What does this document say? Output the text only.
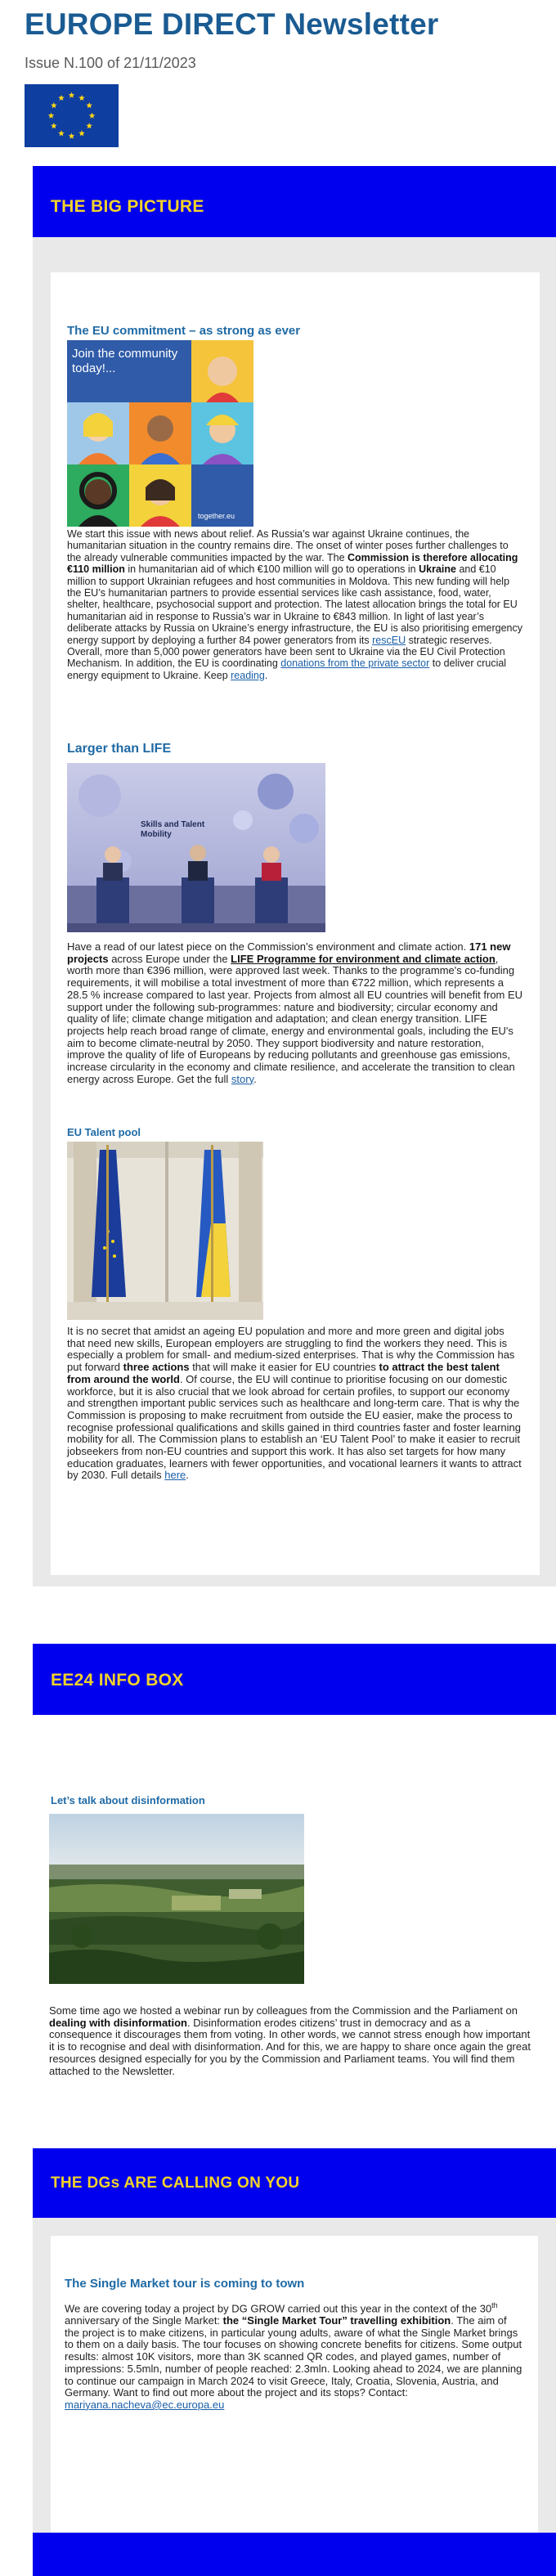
EUROPE DIRECT Newsletter
Issue N.100 of 21/11/2023
THE BIG PICTURE
The EU commitment – as strong as ever
Join the community today!...
together.eu

We start this issue with news about relief. As Russia’s war against Ukraine continues, the humanitarian situation in the country remains dire. The onset of winter poses further challenges to the already vulnerable communities impacted by the war. The Commission is therefore allocating €110 million in humanitarian aid of which €100 million will go to operations in Ukraine and €10 million to support Ukrainian refugees and host communities in Moldova. This new funding will help the EU’s humanitarian partners to provide essential services like cash assistance, food, water, shelter, healthcare, psychosocial support and protection. The latest allocation brings the total for EU humanitarian aid in response to Russia’s war in Ukraine to €843 million. In light of last year’s deliberate attacks by Russia on Ukraine’s energy infrastructure, the EU is also prioritising emergency energy support by deploying a further 84 power generators from its rescEU strategic reserves. Overall, more than 5,000 power generators have been sent to Ukraine via the EU Civil Protection Mechanism. In addition, the EU is coordinating donations from the private sector to deliver crucial energy equipment to Ukraine. Keep reading.

Larger than LIFE
Skills and Talent Mobility

Have a read of our latest piece on the Commission’s environment and climate action. 171 new projects across Europe under the LIFE Programme for environment and climate action, worth more than €396 million, were approved last week. Thanks to the programme's co-funding requirements, it will mobilise a total investment of more than €722 million, which represents a 28.5 % increase compared to last year. Projects from almost all EU countries will benefit from EU support under the following sub-programmes: nature and biodiversity; circular economy and quality of life; climate change mitigation and adaptation; and clean energy transition. LIFE projects help reach broad range of climate, energy and environmental goals, including the EU's aim to become climate-neutral by 2050. They support biodiversity and nature restoration, improve the quality of life of Europeans by reducing pollutants and greenhouse gas emissions, increase circularity in the economy and climate resilience, and accelerate the transition to clean energy across Europe. Get the full story.

EU Talent pool

It is no secret that amidst an ageing EU population and more and more green and digital jobs that need new skills, European employers are struggling to find the workers they need. This is especially a problem for small- and medium-sized enterprises. That is why the Commission has put forward three actions that will make it easier for EU countries to attract the best talent from around the world. Of course, the EU will continue to prioritise focusing on our domestic workforce, but it is also crucial that we look abroad for certain profiles, to support our economy and strengthen important public services such as healthcare and long-term care. That is why the Commission is proposing to make recruitment from outside the EU easier, make the process to recognise professional qualifications and skills gained in third countries faster and foster learning mobility for all. The Commission plans to establish an ‘EU Talent Pool’ to make it easier to recruit jobseekers from non-EU countries and support this work. It has also set targets for how many education graduates, learners with fewer opportunities, and vocational learners it wants to attract by 2030. Full details here.

EE24 INFO BOX
Let’s talk about disinformation

Some time ago we hosted a webinar run by colleagues from the Commission and the Parliament on dealing with disinformation. Disinformation erodes citizens’ trust in democracy and as a consequence it discourages them from voting. In other words, we cannot stress enough how important it is to recognise and deal with disinformation. And for this, we are happy to share once again the great resources designed especially for you by the Commission and Parliament teams. You will find them attached to the Newsletter.

THE DGs ARE CALLING ON YOU
The Single Market tour is coming to town

We are covering today a project by DG GROW carried out this year in the context of the 30th anniversary of the Single Market: the “Single Market Tour” travelling exhibition. The aim of the project is to make citizens, in particular young adults, aware of what the Single Market brings to them on a daily basis. The tour focuses on showing concrete benefits for citizens. Some output results: almost 10K visitors, more than 3K scanned QR codes, and played games, number of impressions: 5.5mln, number of people reached: 2.3mln. Looking ahead to 2024, we are planning to continue our campaign in March 2024 to visit Greece, Italy, Croatia, Slovenia, Austria, and Germany. Want to find out more about the project and its stops? Contact: mariyana.nacheva@ec.europa.eu
